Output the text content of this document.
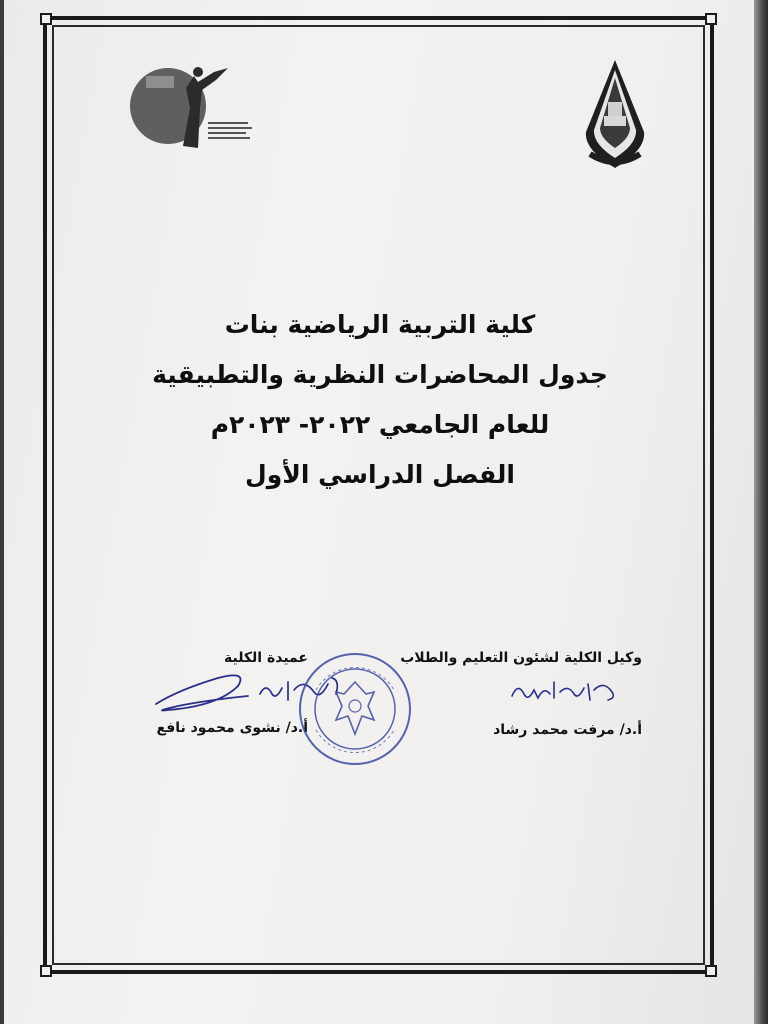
كلية التربية الرياضية بنات
جدول المحاضرات النظرية والتطبيقية
للعام الجامعي ٢٠٢٢- ٢٠٢٣م
الفصل الدراسي الأول
وكيل الكلية لشئون التعليم والطلاب
أ.د/ مرفت محمد رشاد
عميدة الكلية
أ.د/ نشوى محمود نافع
